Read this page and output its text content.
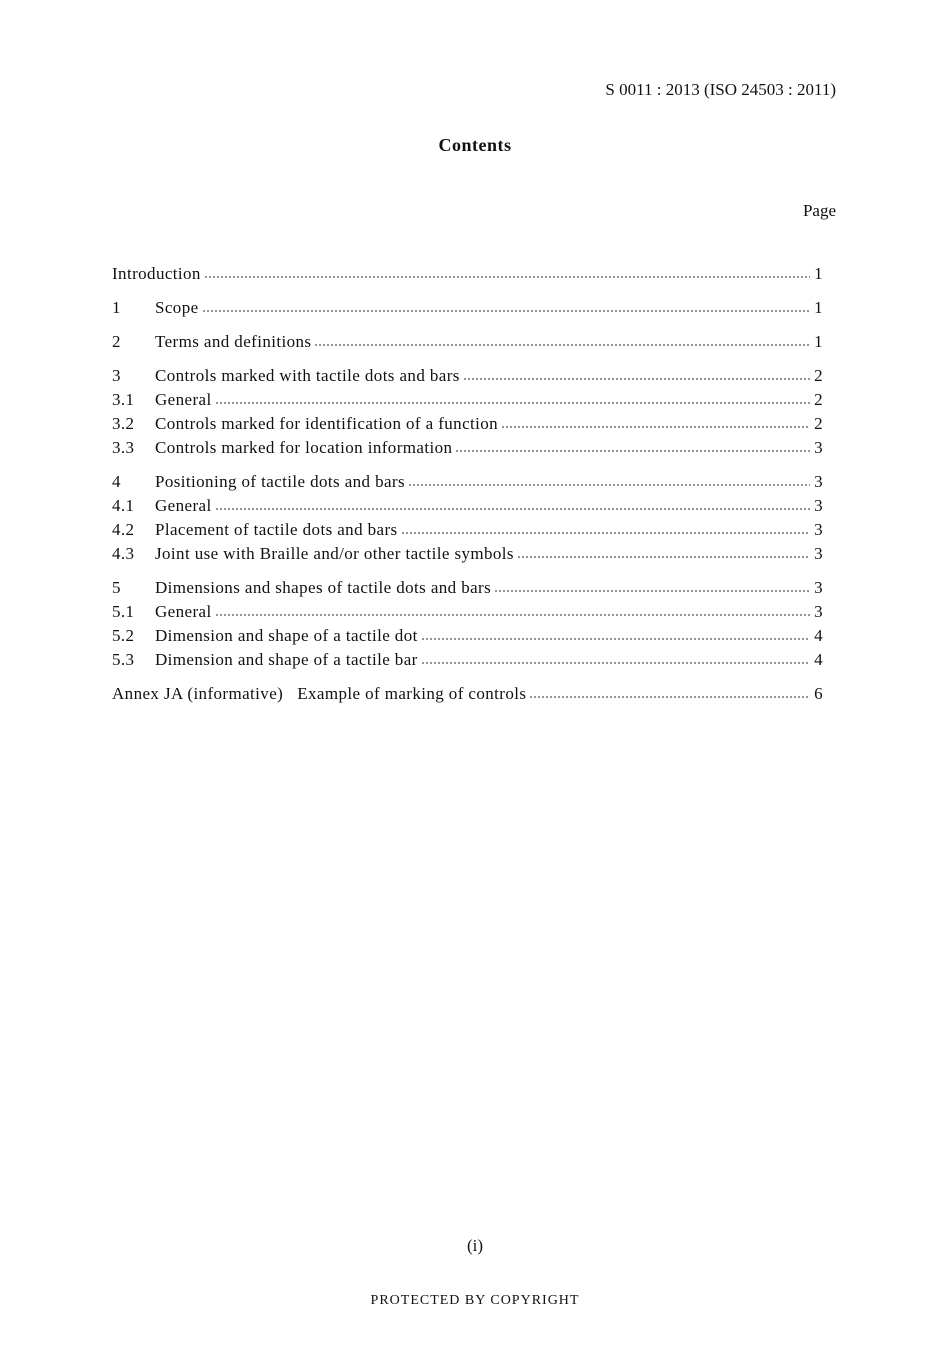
S 0011 : 2013 (ISO 24503 : 2011)
Contents
Page
Introduction	1
1	Scope	1
2	Terms and definitions	1
3	Controls marked with tactile dots and bars	2
3.1	General	2
3.2	Controls marked for identification of a function	2
3.3	Controls marked for location information	3
4	Positioning of tactile dots and bars	3
4.1	General	3
4.2	Placement of tactile dots and bars	3
4.3	Joint use with Braille and/or other tactile symbols	3
5	Dimensions and shapes of tactile dots and bars	3
5.1	General	3
5.2	Dimension and shape of a tactile dot	4
5.3	Dimension and shape of a tactile bar	4
Annex JA (informative) Example of marking of controls	6
(i)
PROTECTED BY COPYRIGHT
